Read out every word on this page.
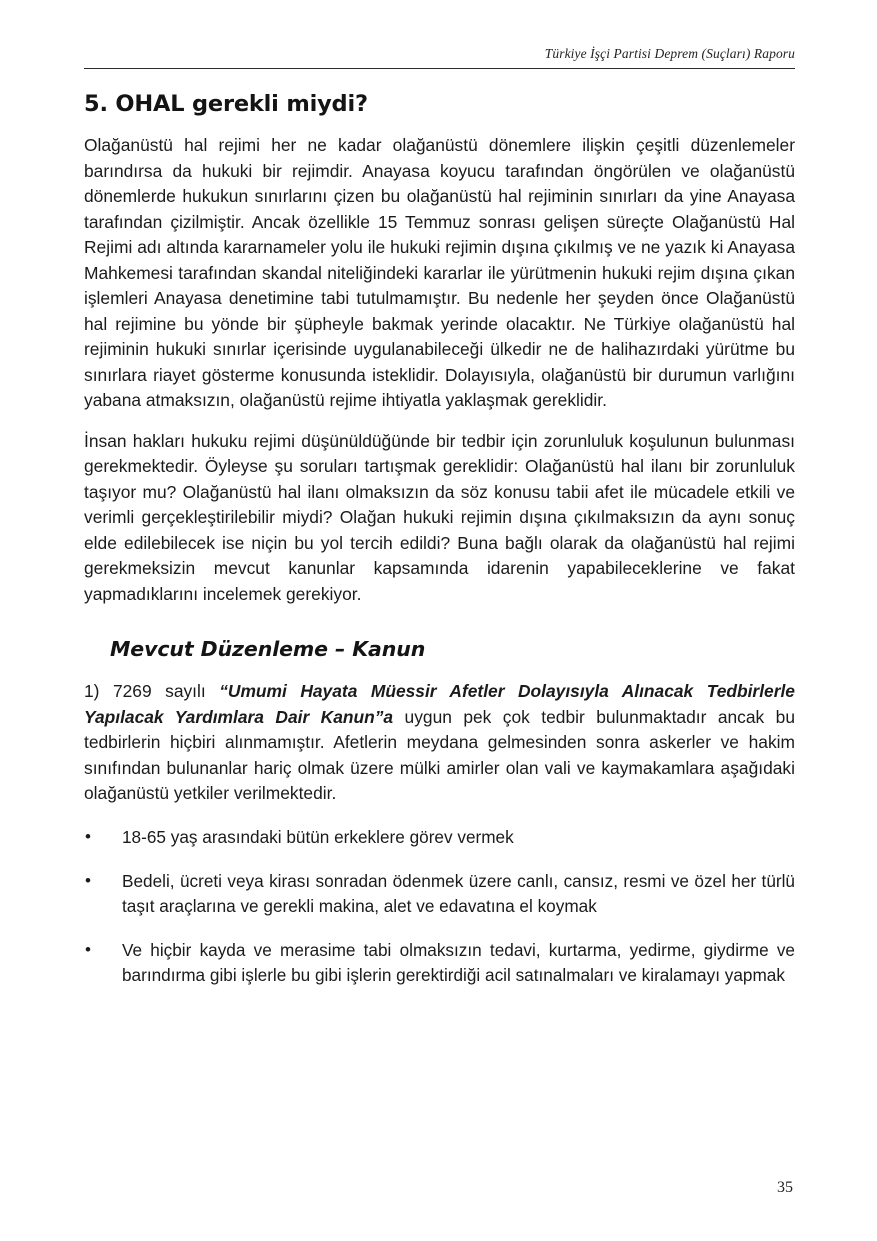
Türkiye İşçi Partisi Deprem (Suçları) Raporu
5. OHAL gerekli miydi?

Olağanüstü hal rejimi her ne kadar olağanüstü dönemlere ilişkin çeşitli düzenlemeler barındırsa da hukuki bir rejimdir. Anayasa koyucu tarafından öngörülen ve olağanüstü dönemlerde hukukun sınırlarını çizen bu olağanüstü hal rejiminin sınırları da yine Anayasa tarafından çizilmiştir. Ancak özellikle 15 Temmuz sonrası gelişen süreçte Olağanüstü Hal Rejimi adı altında kararnameler yolu ile hukuki rejimin dışına çıkılmış ve ne yazık ki Anayasa Mahkemesi tarafından skandal niteliğindeki kararlar ile yürütmenin hukuki rejim dışına çıkan işlemleri Anayasa denetimine tabi tutulmamıştır. Bu nedenle her şeyden önce Olağanüstü hal rejimine bu yönde bir şüpheyle bakmak yerinde olacaktır. Ne Türkiye olağanüstü hal rejiminin hukuki sınırlar içerisinde uygulanabileceği ülkedir ne de halihazırdaki yürütme bu sınırlara riayet gösterme konusunda isteklidir. Dolayısıyla, olağanüstü bir durumun varlığını yabana atmaksızın, olağanüstü rejime ihtiyatla yaklaşmak gereklidir.

İnsan hakları hukuku rejimi düşünüldüğünde bir tedbir için zorunluluk koşulunun bulunması gerekmektedir. Öyleyse şu soruları tartışmak gereklidir: Olağanüstü hal ilanı bir zorunluluk taşıyor mu? Olağanüstü hal ilanı olmaksızın da söz konusu tabii afet ile mücadele etkili ve verimli gerçekleştirilebilir miydi? Olağan hukuki rejimin dışına çıkılmaksızın da aynı sonuç elde edilebilecek ise niçin bu yol tercih edildi? Buna bağlı olarak da olağanüstü hal rejimi gerekmeksizin mevcut kanunlar kapsamında idarenin yapabileceklerine ve fakat yapmadıklarını incelemek gerekiyor.

Mevcut Düzenleme – Kanun

1) 7269 sayılı “Umumi Hayata Müessir Afetler Dolayısıyla Alınacak Tedbirlerle Yapılacak Yardımlara Dair Kanun”a uygun pek çok tedbir bulunmaktadır ancak bu tedbirlerin hiçbiri alınmamıştır. Afetlerin meydana gelmesinden sonra askerler ve hakim sınıfından bulunanlar hariç olmak üzere mülki amirler olan vali ve kaymakamlara aşağıdaki olağanüstü yetkiler verilmektedir.

• 18-65 yaş arasındaki bütün erkeklere görev vermek
• Bedeli, ücreti veya kirası sonradan ödenmek üzere canlı, cansız, resmi ve özel her türlü taşıt araçlarına ve gerekli makina, alet ve edavatına el koymak
• Ve hiçbir kayda ve merasime tabi olmaksızın tedavi, kurtarma, yedirme, giydirme ve barındırma gibi işlerle bu gibi işlerin gerektirdiği acil satınalmaları ve kiralamayı yapmak
35
